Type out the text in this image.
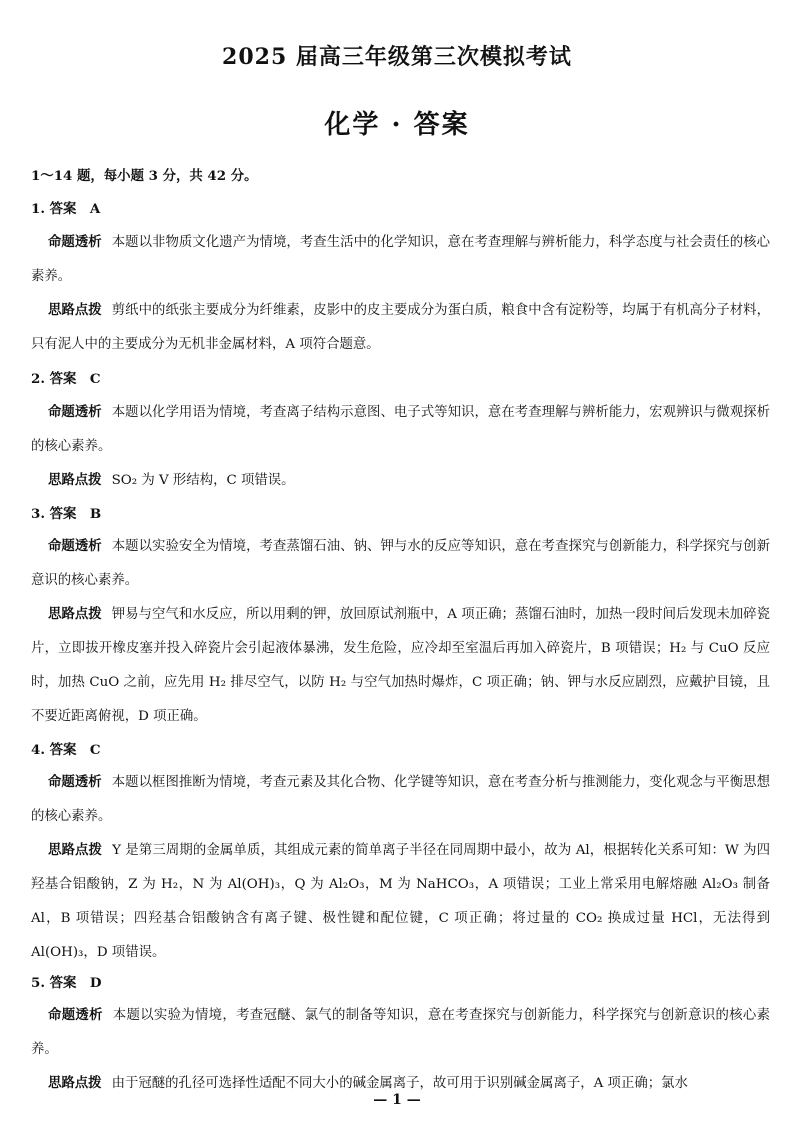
2025 届高三年级第三次模拟考试
化学 · 答案
1～14 题，每小题 3 分，共 42 分。
1. 答案　A

命题透析 本题以非物质文化遗产为情境，考查生活中的化学知识，意在考查理解与辨析能力，科学态度与社会责任的核心素养。

思路点拨 剪纸中的纸张主要成分为纤维素，皮影中的皮主要成分为蛋白质，粮食中含有淀粉等，均属于有机高分子材料，只有泥人中的主要成分为无机非金属材料，A 项符合题意。

2. 答案　C

命题透析 本题以化学用语为情境，考查离子结构示意图、电子式等知识，意在考查理解与辨析能力，宏观辨识与微观探析的核心素养。

思路点拨 SO₂ 为 V 形结构，C 项错误。

3. 答案　B

命题透析 本题以实验安全为情境，考查蒸馏石油、钠、钾与水的反应等知识，意在考查探究与创新能力，科学探究与创新意识的核心素养。

思路点拨 钾易与空气和水反应，所以用剩的钾，放回原试剂瓶中，A 项正确；蒸馏石油时，加热一段时间后发现未加碎瓷片，立即拔开橡皮塞并投入碎瓷片会引起液体暴沸，发生危险，应冷却至室温后再加入碎瓷片，B 项错误；H₂ 与 CuO 反应时，加热 CuO 之前，应先用 H₂ 排尽空气，以防 H₂ 与空气加热时爆炸，C 项正确；钠、钾与水反应剧烈，应戴护目镜，且不要近距离俯视，D 项正确。

4. 答案　C

命题透析 本题以框图推断为情境，考查元素及其化合物、化学键等知识，意在考查分析与推测能力，变化观念与平衡思想的核心素养。

思路点拨 Y 是第三周期的金属单质，其组成元素的简单离子半径在同周期中最小，故为 Al，根据转化关系可知：W 为四羟基合铝酸钠，Z 为 H₂，N 为 Al(OH)₃，Q 为 Al₂O₃，M 为 NaHCO₃，A 项错误；工业上常采用电解熔融 Al₂O₃ 制备 Al，B 项错误；四羟基合铝酸钠含有离子键、极性键和配位键，C 项正确；将过量的 CO₂ 换成过量 HCl，无法得到 Al(OH)₃，D 项错误。

5. 答案　D

命题透析 本题以实验为情境，考查冠醚、氯气的制备等知识，意在考查探究与创新能力，科学探究与创新意识的核心素养。

思路点拨 由于冠醚的孔径可选择性适配不同大小的碱金属离子，故可用于识别碱金属离子，A 项正确；氯水

— 1 —
